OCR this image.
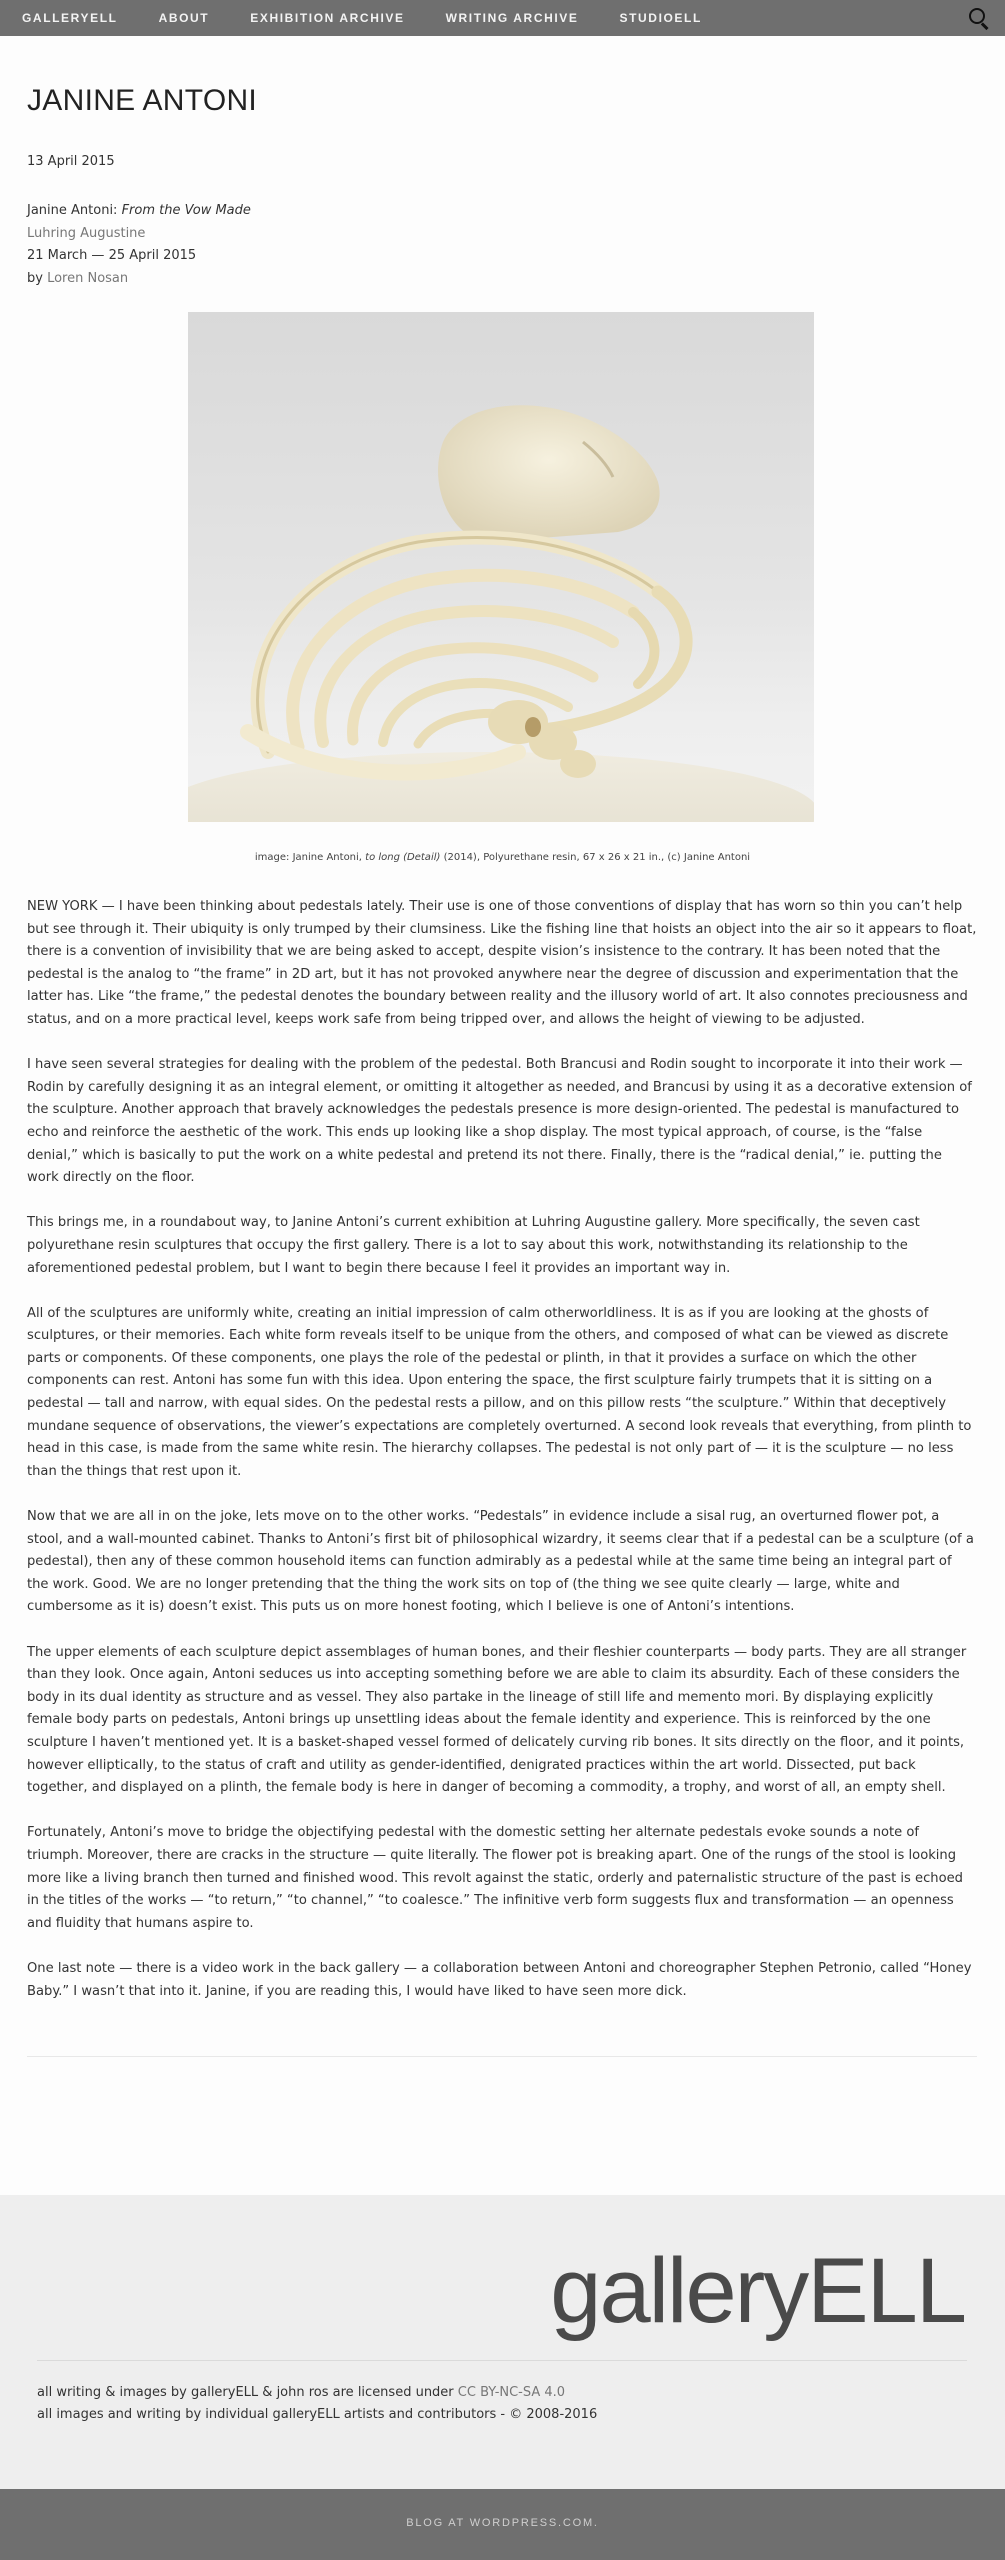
GALLERYELL	ABOUT	EXHIBITION ARCHIVE	WRITING ARCHIVE	STUDIOELL
JANINE ANTONI
13 April 2015
Janine Antoni: From the Vow Made
Luhring Augustine
21 March — 25 April 2015
by Loren Nosan
image: Janine Antoni, to long (Detail) (2014), Polyurethane resin, 67 x 26 x 21 in., (c) Janine Antoni

NEW YORK — I have been thinking about pedestals lately. Their use is one of those conventions of display that has worn so thin you can’t help but see through it. Their ubiquity is only trumped by their clumsiness. Like the fishing line that hoists an object into the air so it appears to float, there is a convention of invisibility that we are being asked to accept, despite vision’s insistence to the contrary. It has been noted that the pedestal is the analog to “the frame” in 2D art, but it has not provoked anywhere near the degree of discussion and experimentation that the latter has. Like “the frame,” the pedestal denotes the boundary between reality and the illusory world of art. It also connotes preciousness and status, and on a more practical level, keeps work safe from being tripped over, and allows the height of viewing to be adjusted.

I have seen several strategies for dealing with the problem of the pedestal. Both Brancusi and Rodin sought to incorporate it into their work — Rodin by carefully designing it as an integral element, or omitting it altogether as needed, and Brancusi by using it as a decorative extension of the sculpture. Another approach that bravely acknowledges the pedestals presence is more design-oriented. The pedestal is manufactured to echo and reinforce the aesthetic of the work. This ends up looking like a shop display. The most typical approach, of course, is the “false denial,” which is basically to put the work on a white pedestal and pretend its not there. Finally, there is the “radical denial,” ie. putting the work directly on the floor.

This brings me, in a roundabout way, to Janine Antoni’s current exhibition at Luhring Augustine gallery. More specifically, the seven cast polyurethane resin sculptures that occupy the first gallery. There is a lot to say about this work, notwithstanding its relationship to the aforementioned pedestal problem, but I want to begin there because I feel it provides an important way in.

All of the sculptures are uniformly white, creating an initial impression of calm otherworldliness. It is as if you are looking at the ghosts of sculptures, or their memories. Each white form reveals itself to be unique from the others, and composed of what can be viewed as discrete parts or components. Of these components, one plays the role of the pedestal or plinth, in that it provides a surface on which the other components can rest. Antoni has some fun with this idea. Upon entering the space, the first sculpture fairly trumpets that it is sitting on a pedestal — tall and narrow, with equal sides. On the pedestal rests a pillow, and on this pillow rests “the sculpture.” Within that deceptively mundane sequence of observations, the viewer’s expectations are completely overturned. A second look reveals that everything, from plinth to head in this case, is made from the same white resin. The hierarchy collapses. The pedestal is not only part of — it is the sculpture — no less than the things that rest upon it.

Now that we are all in on the joke, lets move on to the other works. “Pedestals” in evidence include a sisal rug, an overturned flower pot, a stool, and a wall-mounted cabinet. Thanks to Antoni’s first bit of philosophical wizardry, it seems clear that if a pedestal can be a sculpture (of a pedestal), then any of these common household items can function admirably as a pedestal while at the same time being an integral part of the work. Good. We are no longer pretending that the thing the work sits on top of (the thing we see quite clearly — large, white and cumbersome as it is) doesn’t exist. This puts us on more honest footing, which I believe is one of Antoni’s intentions.

The upper elements of each sculpture depict assemblages of human bones, and their fleshier counterparts — body parts. They are all stranger than they look. Once again, Antoni seduces us into accepting something before we are able to claim its absurdity. Each of these considers the body in its dual identity as structure and as vessel. They also partake in the lineage of still life and memento mori. By displaying explicitly female body parts on pedestals, Antoni brings up unsettling ideas about the female identity and experience. This is reinforced by the one sculpture I haven’t mentioned yet. It is a basket-shaped vessel formed of delicately curving rib bones. It sits directly on the floor, and it points, however elliptically, to the status of craft and utility as gender-identified, denigrated practices within the art world. Dissected, put back together, and displayed on a plinth, the female body is here in danger of becoming a commodity, a trophy, and worst of all, an empty shell.

Fortunately, Antoni’s move to bridge the objectifying pedestal with the domestic setting her alternate pedestals evoke sounds a note of triumph. Moreover, there are cracks in the structure — quite literally. The flower pot is breaking apart. One of the rungs of the stool is looking more like a living branch then turned and finished wood. This revolt against the static, orderly and paternalistic structure of the past is echoed in the titles of the works — “to return,” “to channel,” “to coalesce.” The infinitive verb form suggests flux and transformation — an openness and fluidity that humans aspire to.

One last note — there is a video work in the back gallery — a collaboration between Antoni and choreographer Stephen Petronio, called “Honey Baby.” I wasn’t that into it. Janine, if you are reading this, I would have liked to have seen more dick.

galleryELL
all writing & images by galleryELL & john ros are licensed under CC BY-NC-SA 4.0
all images and writing by individual galleryELL artists and contributors - © 2008-2016
BLOG AT WORDPRESS.COM.
